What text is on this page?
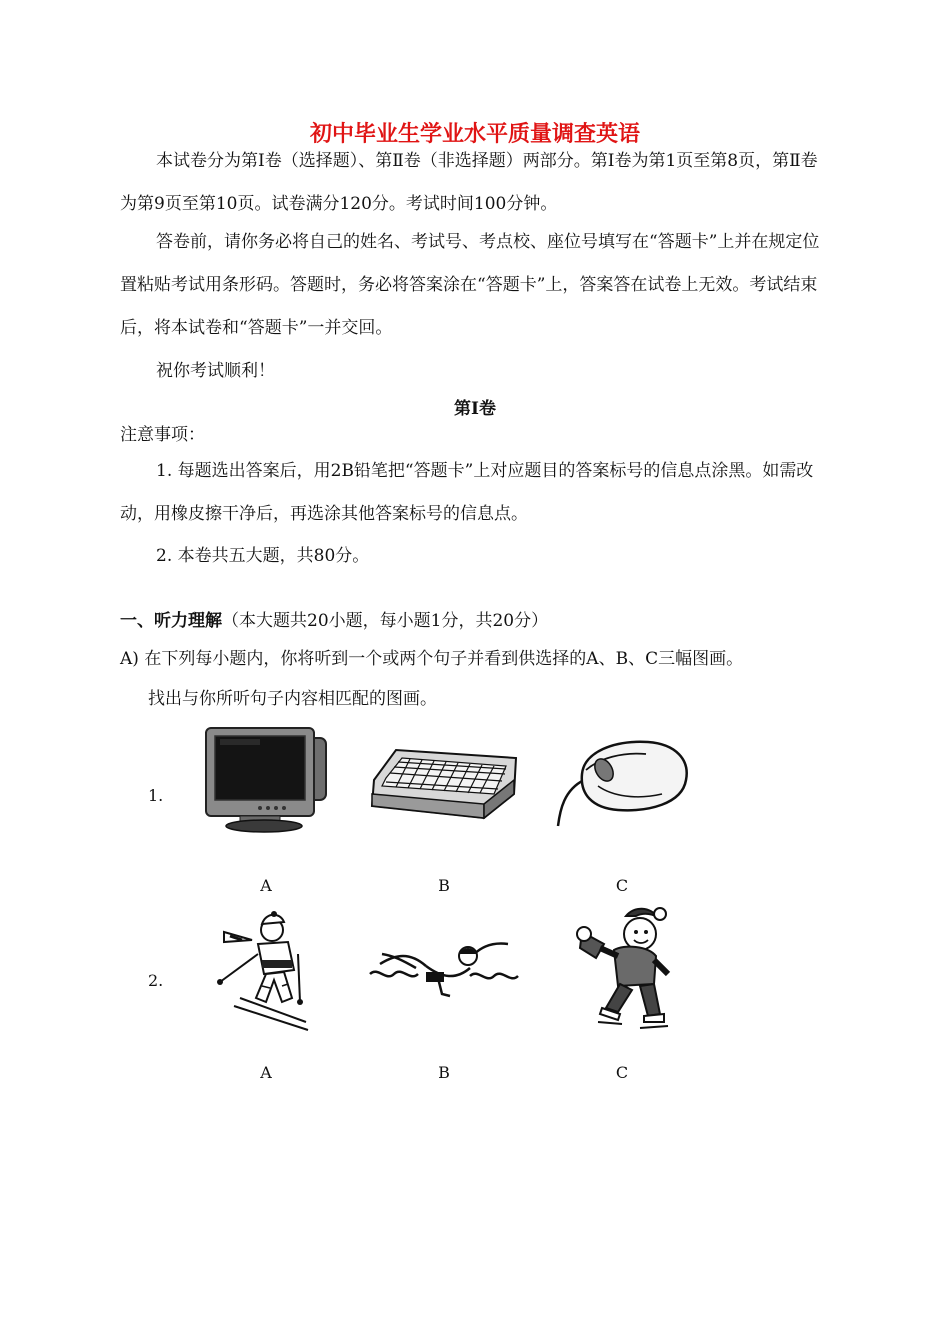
初中毕业生学业水平质量调查英语
本试卷分为第Ⅰ卷（选择题）、第Ⅱ卷（非选择题）两部分。第Ⅰ卷为第1页至第8页，第Ⅱ卷为第9页至第10页。试卷满分120分。考试时间100分钟。
答卷前，请你务必将自己的姓名、考试号、考点校、座位号填写在“答题卡”上并在规定位置粘贴考试用条形码。答题时，务必将答案涂在“答题卡”上，答案答在试卷上无效。考试结束后，将本试卷和“答题卡”一并交回。
祝你考试顺利！
第Ⅰ卷
注意事项：
1. 每题选出答案后，用2B铅笔把“答题卡”上对应题目的答案标号的信息点涂黑。如需改动，用橡皮擦干净后，再选涂其他答案标号的信息点。
2. 本卷共五大题，共80分。
一、听力理解（本大题共20小题，每小题1分，共20分）
A) 在下列每小题内，你将听到一个或两个句子并看到供选择的A、B、C三幅图画。
找出与你所听句子内容相匹配的图画。
1.
A	B	C
2.
A	B	C
